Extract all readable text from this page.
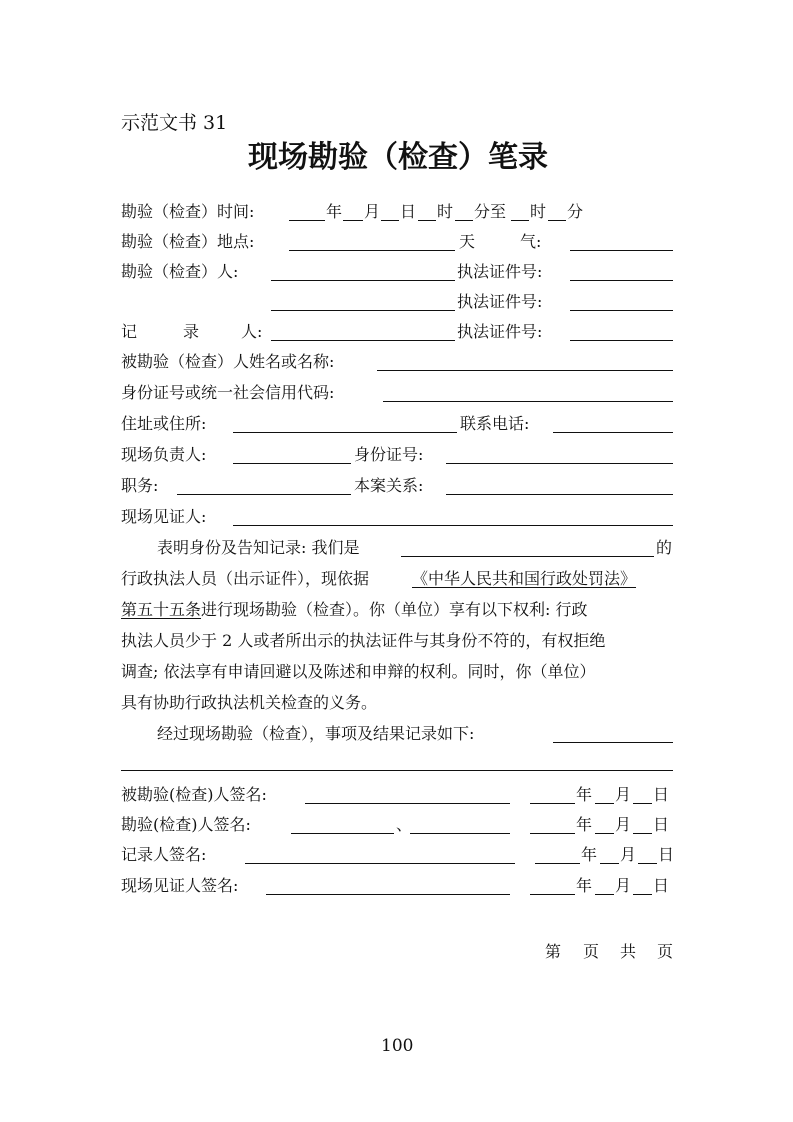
示范文书 31
现场勘验（检查）笔录
勘验（检查）时间:	年 月 日 时 分至 时 分
勘验（检查）地点:	天	气:
勘验（检查）人:	执法证件号:
执法证件号:
记	录	人:	执法证件号:
被勘验（检查）人姓名或名称:
身份证号或统一社会信用代码:
住址或住所:	联系电话:
现场负责人:	身份证号:
职务:	本案关系:
现场见证人:
表明身份及告知记录: 我们是	的
行政执法人员（出示证件），现依据	《中华人民共和国行政处罚法》
第五十五条进行现场勘验（检查）。你（单位）享有以下权利: 行政
执法人员少于 2 人或者所出示的执法证件与其身份不符的，有权拒绝
调查; 依法享有申请回避以及陈述和申辩的权利。同时，你（单位）
具有协助行政执法机关检查的义务。
经过现场勘验（检查），事项及结果记录如下:
被勘验(检查)人签名:	年 月 日
勘验(检查)人签名:	、	年 月 日
记录人签名:	年 月 日
现场见证人签名:	年 月 日
第 页 共 页
100
